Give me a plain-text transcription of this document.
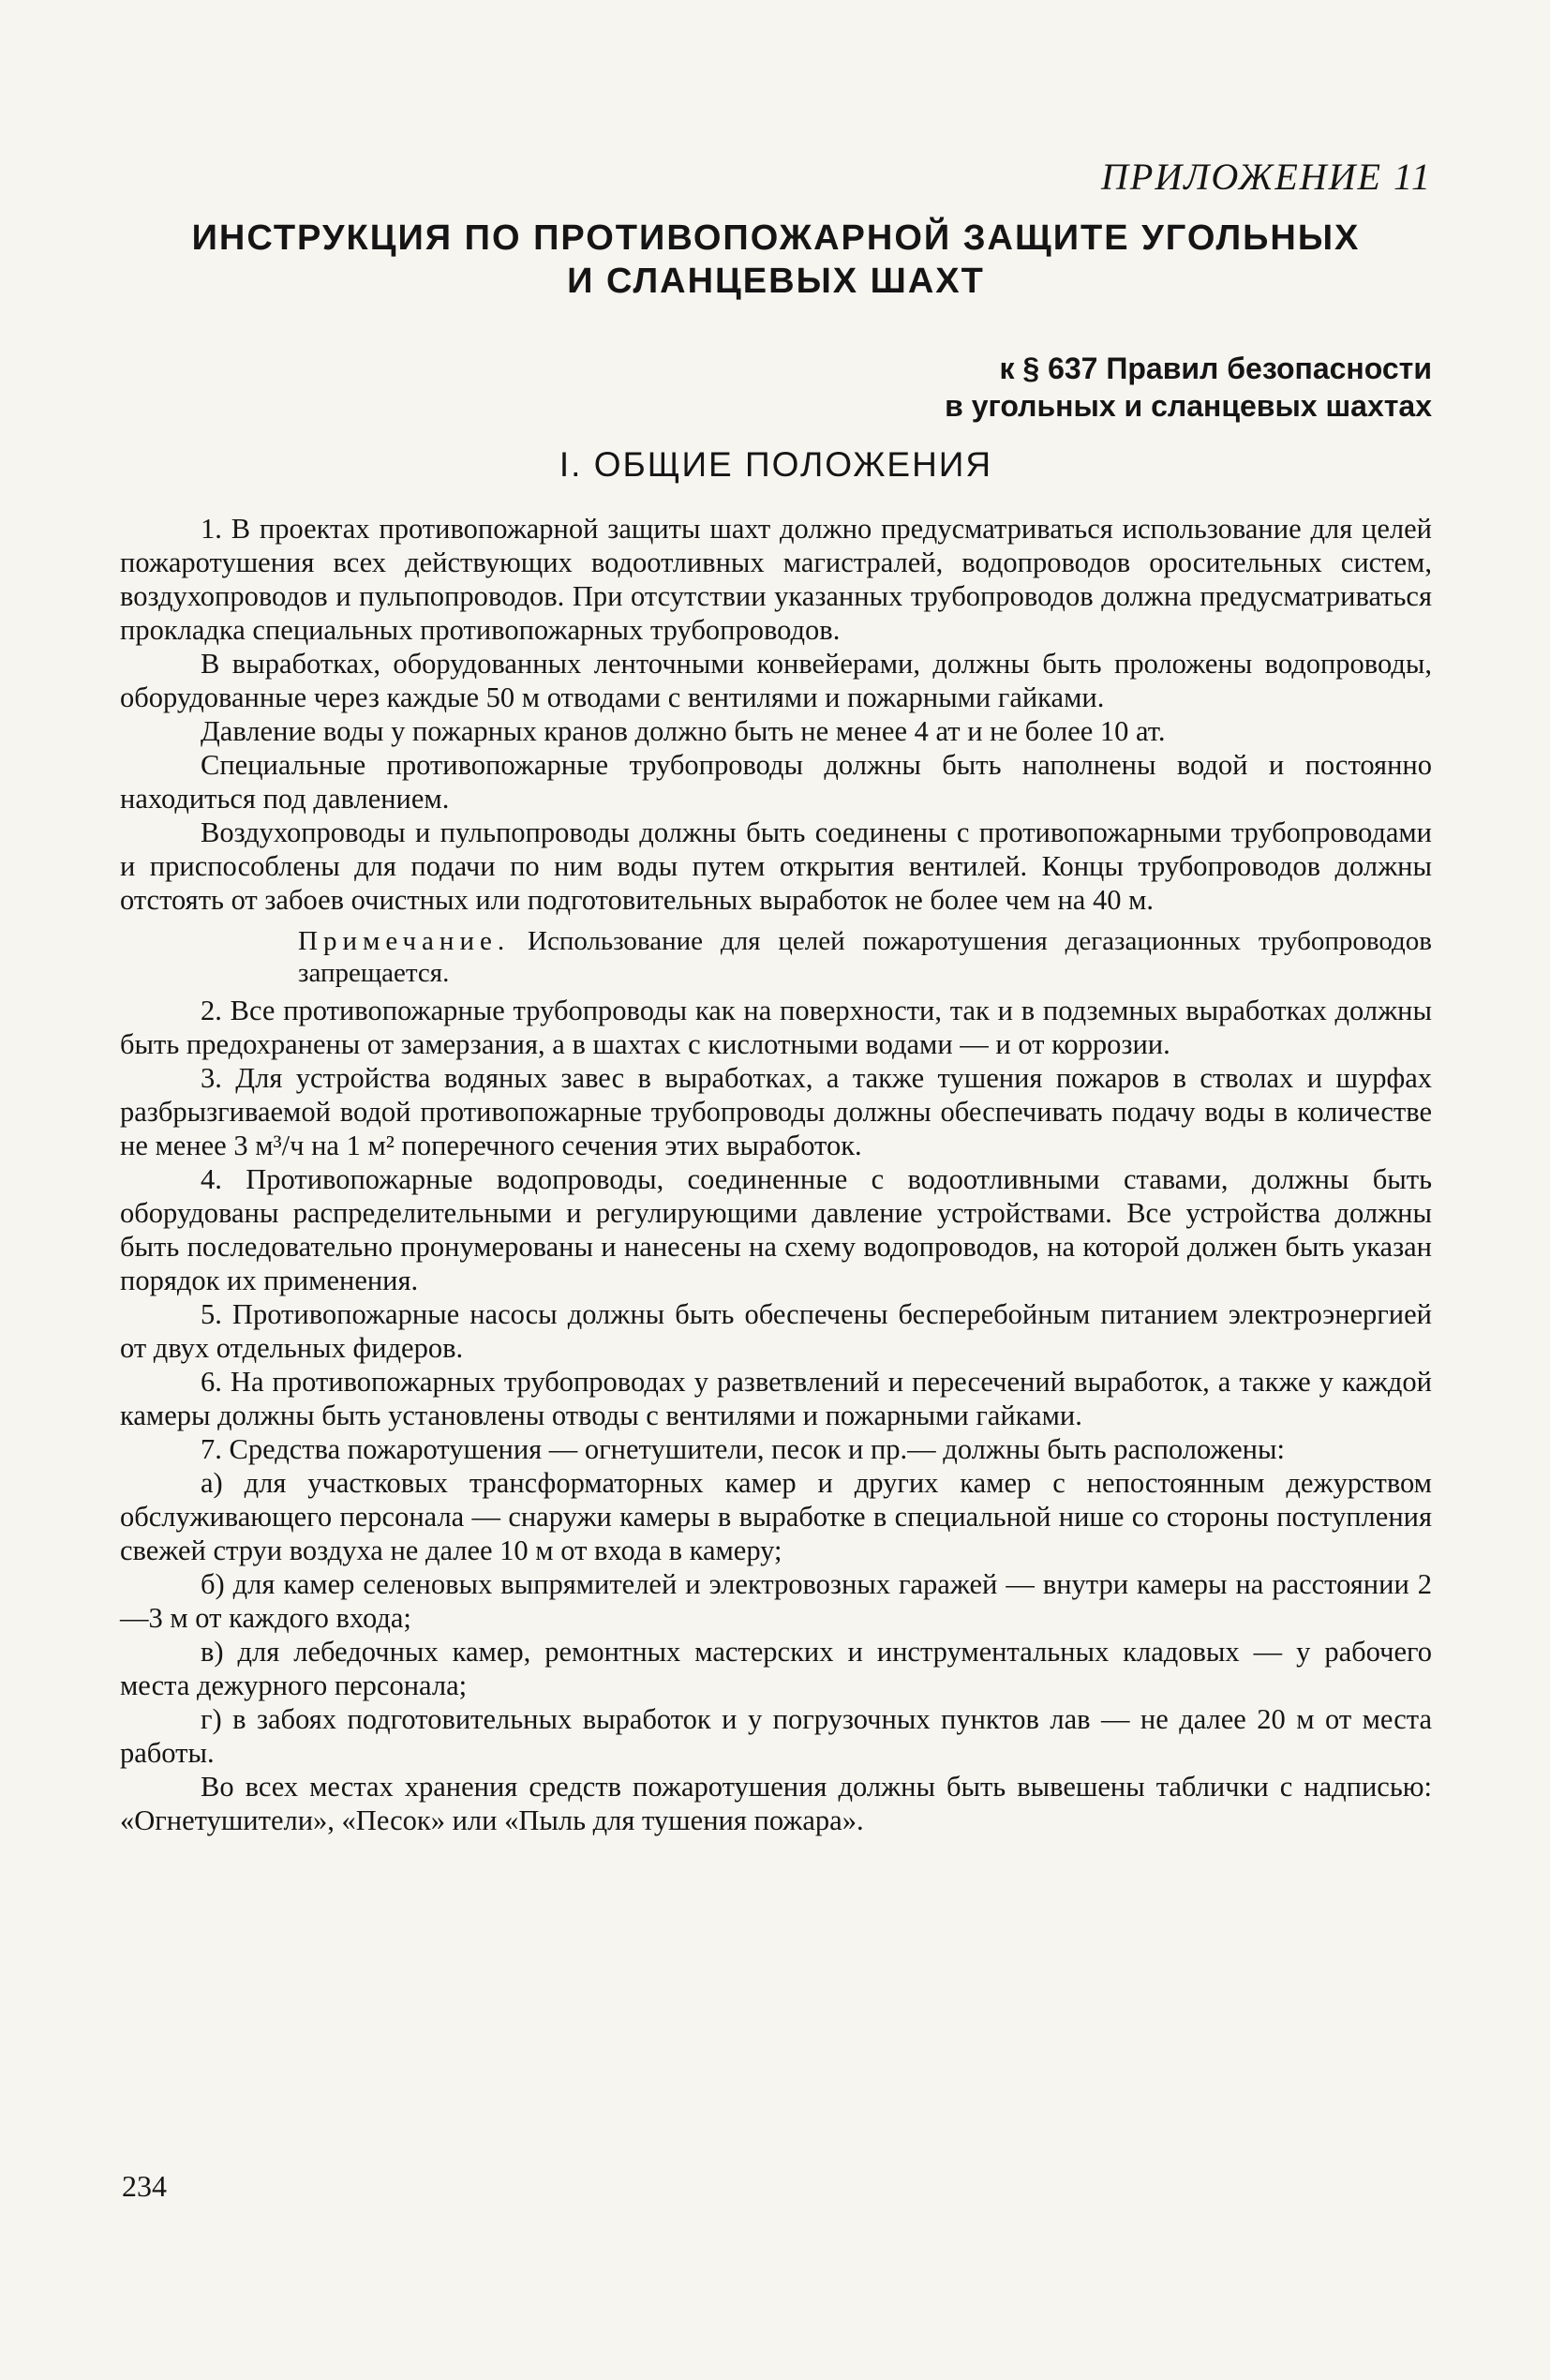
ПРИЛОЖЕНИЕ 11
ИНСТРУКЦИЯ ПО ПРОТИВОПОЖАРНОЙ ЗАЩИТЕ УГОЛЬНЫХ
И СЛАНЦЕВЫХ ШАХТ
к § 637 Правил безопасности
в угольных и сланцевых шахтах
I. ОБЩИЕ ПОЛОЖЕНИЯ

1. В проектах противопожарной защиты шахт должно предусматриваться использование для целей пожаротушения всех действующих водоотливных магистралей, водопроводов оросительных систем, воздухопроводов и пульпопроводов. При отсутствии указанных трубопроводов должна предусматриваться прокладка специальных противопожарных трубопроводов.

В выработках, оборудованных ленточными конвейерами, должны быть проложены водопроводы, оборудованные через каждые 50 м отводами с вентилями и пожарными гайками.

Давление воды у пожарных кранов должно быть не менее 4 ат и не более 10 ат.

Специальные противопожарные трубопроводы должны быть наполнены водой и постоянно находиться под давлением.

Воздухопроводы и пульпопроводы должны быть соединены с противопожарными трубопроводами и приспособлены для подачи по ним воды путем открытия вентилей. Концы трубопроводов должны отстоять от забоев очистных или подготовительных выработок не более чем на 40 м.

Примечание. Использование для целей пожаротушения дегазационных трубопроводов запрещается.

2. Все противопожарные трубопроводы как на поверхности, так и в подземных выработках должны быть предохранены от замерзания, а в шахтах с кислотными водами — и от коррозии.

3. Для устройства водяных завес в выработках, а также тушения пожаров в стволах и шурфах разбрызгиваемой водой противопожарные трубопроводы должны обеспечивать подачу воды в количестве не менее 3 м³/ч на 1 м² поперечного сечения этих выработок.

4. Противопожарные водопроводы, соединенные с водоотливными ставами, должны быть оборудованы распределительными и регулирующими давление устройствами. Все устройства должны быть последовательно пронумерованы и нанесены на схему водопроводов, на которой должен быть указан порядок их применения.

5. Противопожарные насосы должны быть обеспечены бесперебойным питанием электроэнергией от двух отдельных фидеров.

6. На противопожарных трубопроводах у разветвлений и пересечений выработок, а также у каждой камеры должны быть установлены отводы с вентилями и пожарными гайками.

7. Средства пожаротушения — огнетушители, песок и пр.— должны быть расположены:

а) для участковых трансформаторных камер и других камер с непостоянным дежурством обслуживающего персонала — снаружи камеры в выработке в специальной нише со стороны поступления свежей струи воздуха не далее 10 м от входа в камеру;

б) для камер селеновых выпрямителей и электровозных гаражей — внутри камеры на расстоянии 2—3 м от каждого входа;

в) для лебедочных камер, ремонтных мастерских и инструментальных кладовых — у рабочего места дежурного персонала;

г) в забоях подготовительных выработок и у погрузочных пунктов лав — не далее 20 м от места работы.

Во всех местах хранения средств пожаротушения должны быть вывешены таблички с надписью: «Огнетушители», «Песок» или «Пыль для тушения пожара».

234
